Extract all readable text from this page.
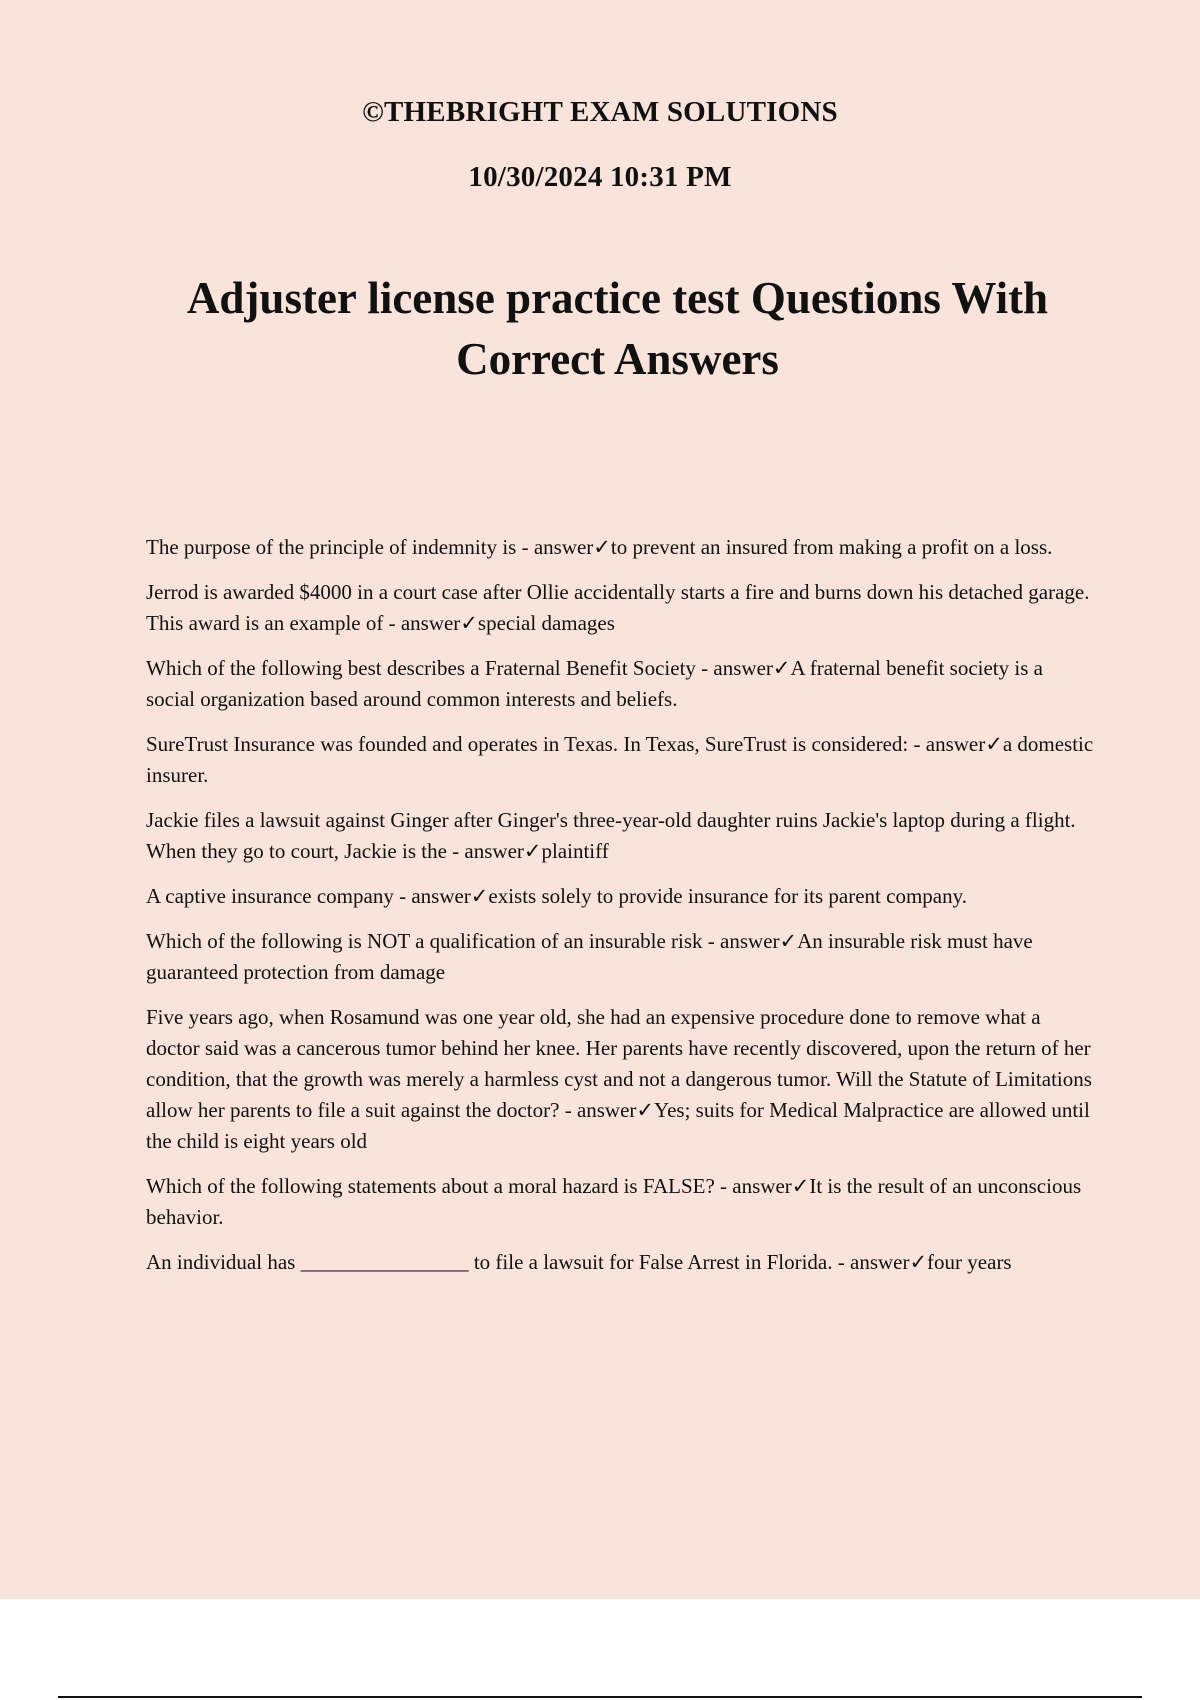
©THEBRIGHT EXAM SOLUTIONS
10/30/2024 10:31 PM
Adjuster license practice test Questions With Correct Answers
The purpose of the principle of indemnity is - answer✓to prevent an insured from making a profit on a loss.
Jerrod is awarded $4000 in a court case after Ollie accidentally starts a fire and burns down his detached garage. This award is an example of - answer✓special damages
Which of the following best describes a Fraternal Benefit Society - answer✓A fraternal benefit society is a social organization based around common interests and beliefs.
SureTrust Insurance was founded and operates in Texas. In Texas, SureTrust is considered: - answer✓a domestic insurer.
Jackie files a lawsuit against Ginger after Ginger's three-year-old daughter ruins Jackie's laptop during a flight. When they go to court, Jackie is the - answer✓plaintiff
A captive insurance company - answer✓exists solely to provide insurance for its parent company.
Which of the following is NOT a qualification of an insurable risk - answer✓An insurable risk must have guaranteed protection from damage
Five years ago, when Rosamund was one year old, she had an expensive procedure done to remove what a doctor said was a cancerous tumor behind her knee. Her parents have recently discovered, upon the return of her condition, that the growth was merely a harmless cyst and not a dangerous tumor. Will the Statute of Limitations allow her parents to file a suit against the doctor? - answer✓Yes; suits for Medical Malpractice are allowed until the child is eight years old
Which of the following statements about a moral hazard is FALSE? - answer✓It is the result of an unconscious behavior.
An individual has ________________ to file a lawsuit for False Arrest in Florida. - answer✓four years
